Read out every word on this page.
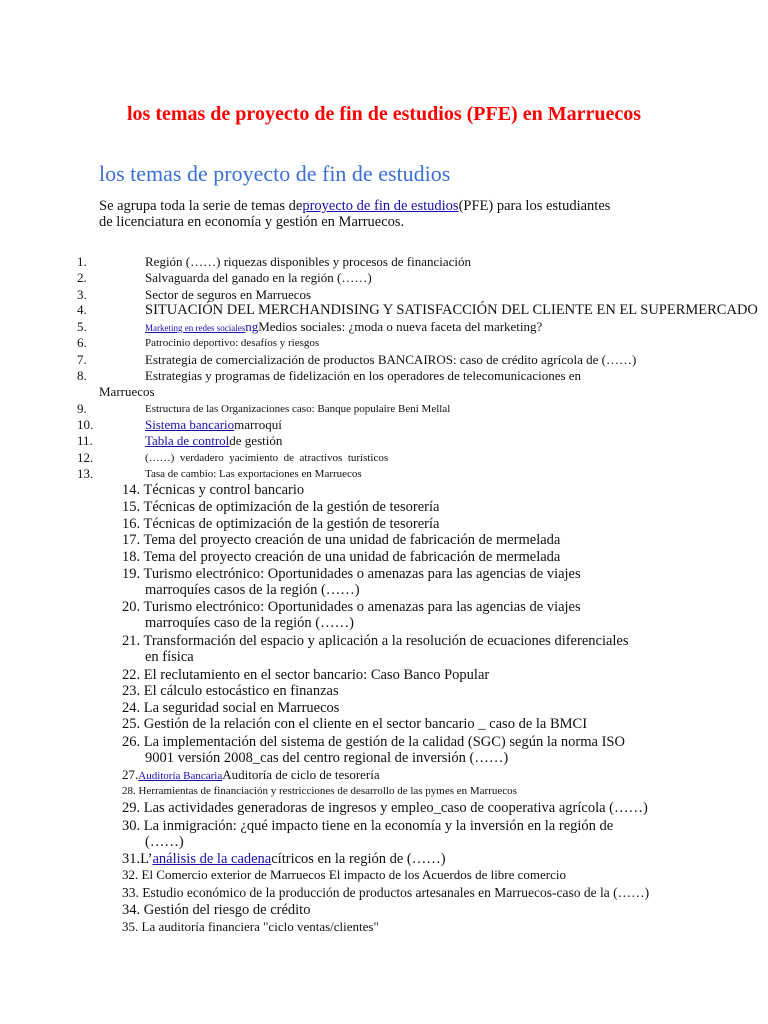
los temas de proyecto de fin de estudios (PFE) en Marruecos
los temas de proyecto de fin de estudios
Se agrupa toda la serie de temas deproyecto de fin de estudios(PFE) para los estudiantes
de licenciatura en economía y gestión en Marruecos.
1.	Región (……) riquezas disponibles y procesos de financiación
2.	Salvaguarda del ganado en la región (……)
3.	Sector de seguros en Marruecos
4.	SITUACIÓN DEL MERCHANDISING Y SATISFACCIÓN DEL CLIENTE EN EL SUPERMERCADO
5.	Marketing en redes socialesngMedios sociales: ¿moda o nueva faceta del marketing?
6.	Patrocinio deportivo: desafíos y riesgos
7.	Estrategia de comercialización de productos BANCAIROS: caso de crédito agrícola de (……)
8.	Estrategias y programas de fidelización en los operadores de telecomunicaciones en
Marruecos
9.	Estructura de las Organizaciones caso: Banque populaire Beni Mellal
10.	Sistema bancariomarroquí
11.	Tabla de controlde gestión
12.	(……)  verdadero  yacimiento  de  atractivos  turísticos
13.	Tasa de cambio: Las exportaciones en Marruecos
14. Técnicas y control bancario
15. Técnicas de optimización de la gestión de tesorería
16. Técnicas de optimización de la gestión de tesorería
17. Tema del proyecto creación de una unidad de fabricación de mermelada
18. Tema del proyecto creación de una unidad de fabricación de mermelada
19. Turismo electrónico: Oportunidades o amenazas para las agencias de viajes
marroquíes casos de la región (……)
20. Turismo electrónico: Oportunidades o amenazas para las agencias de viajes
marroquíes caso de la región (……)
21. Transformación del espacio y aplicación a la resolución de ecuaciones diferenciales
en física
22. El reclutamiento en el sector bancario: Caso Banco Popular
23. El cálculo estocástico en finanzas
24. La seguridad social en Marruecos
25. Gestión de la relación con el cliente en el sector bancario _ caso de la BMCI
26. La implementación del sistema de gestión de la calidad (SGC) según la norma ISO
9001 versión 2008_cas del centro regional de inversión (……)
27.Auditoría BancariaAuditoría de ciclo de tesorería
28. Herramientas de financiación y restricciones de desarrollo de las pymes en Marruecos
29. Las actividades generadoras de ingresos y empleo_caso de cooperativa agrícola (……)
30. La inmigración: ¿qué impacto tiene en la economía y la inversión en la región de
(……)
31.L’análisis de la cadenacítricos en la región de (……)
32. El Comercio exterior de Marruecos El impacto de los Acuerdos de libre comercio
33. Estudio económico de la producción de productos artesanales en Marruecos-caso de la (……)
34. Gestión del riesgo de crédito
35. La auditoría financiera "ciclo ventas/clientes"
